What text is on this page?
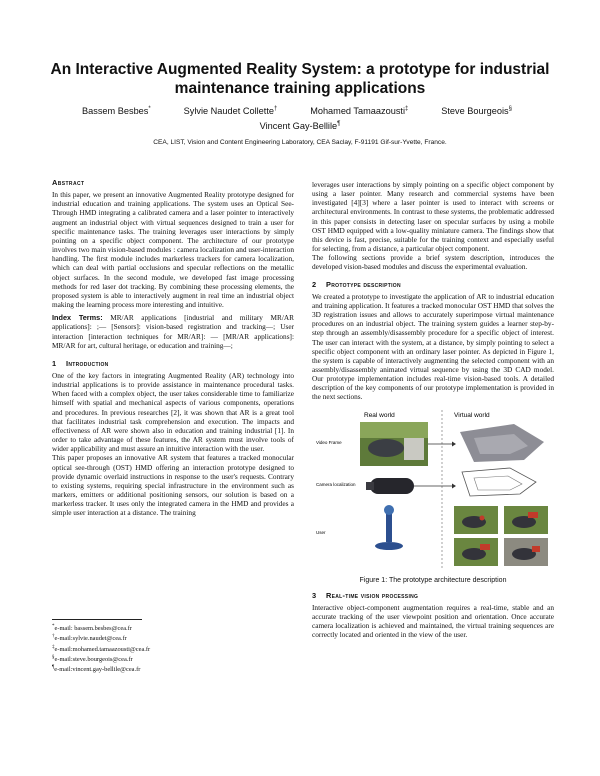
An Interactive Augmented Reality System: a prototype for industrial maintenance training applications
Bassem Besbes*	Sylvie Naudet Collette†	Mohamed Tamaazousti‡	Steve Bourgeois§
Vincent Gay-Bellile¶
CEA, LIST, Vision and Content Engineering Laboratory, CEA Saclay, F-91191 Gif-sur-Yvette, France.
Abstract

In this paper, we present an innovative Augmented Reality prototype designed for industrial education and training applications. The system uses an Optical See-Through HMD integrating a calibrated camera and a laser pointer to interactively augment an industrial object with virtual sequences designed to train a user for specific maintenance tasks. The training leverages user interactions by simply pointing on a specific object component. The architecture of our prototype involves two main vision-based modules : camera localization and user-interaction handling. The first module includes markerless trackers for camera localization, which can deal with partial occlusions and specular reflections on the metallic object surfaces. In the second module, we developed fast image processing methods for red laser dot tracking. By combining these processing elements, the proposed system is able to interactively augment in real time an industrial object making the learning process more interesting and intuitive.

Index Terms: MR/AR applications [industrial and military MR/AR applications]: ;— [Sensors]: vision-based registration and tracking—; User interaction [interaction techniques for MR/AR]: — [MR/AR applications]: MR/AR for art, cultural heritage, or education and training—;

1 Introduction

One of the key factors in integrating Augmented Reality (AR) technology into industrial applications is to provide assistance in maintenance procedural tasks. When faced with a complex object, the user takes considerable time to familiarize himself with spatial and mechanical aspects of various components, operations and procedures. In previous researches [2], it was shown that AR is a great tool that facilitates industrial task comprehension and execution. The impacts and effectiveness of AR were shown also in education and training industrial [1]. In order to take advantage of these features, the AR system must involve tools of wider applicability and must assure an intuitive interaction with the user.

This paper proposes an innovative AR system that features a tracked monocular optical see-through (OST) HMD offering an interaction prototype designed to provide dynamic overlaid instructions in response to the user's requests. Contrary to existing systems, requiring special infrastructure in the environment such as markers, emitters or additional positioning sensors, our solution is based on a markerless tracker. It uses only the integrated camera in the HMD and provides a simple user interaction at a distance. The training

*e-mail: bassem.besbes@cea.fr
†e-mail:sylvie.naudet@cea.fr
‡e-mail:mohamed.tamaazousti@cea.fr
§e-mail:steve.bourgeois@cea.fr
¶e-mail:vincent.gay-bellile@cea.fr

leverages user interactions by simply pointing on a specific object component by using a laser pointer. Many research and commercial systems have been investigated [4][3] where a laser pointer is used to interact with screens or architectural environments. In contrast to these systems, the problematic addressed in this paper consists in detecting laser on specular surfaces by using a mobile OST HMD equipped with a low-quality miniature camera. The findings show that this device is fast, precise, suitable for the training context and especially useful for selecting, from a distance, a particular object component.

The following sections provide a brief system description, introduces the developed vision-based modules and discuss the experimental evaluation.

2 Prototype description

We created a prototype to investigate the application of AR to industrial education and training application. It features a tracked monocular OST HMD that solves the 3D registration issues and allows to accurately superimpose virtual maintenance procedures on an industrial object. The training system guides a learner step-by-step through an assembly/disassembly procedure for a specific object of interest. The user can interact with the system, at a distance, by simply pointing to select a specific object component with an ordinary laser pointer. As depicted in Figure 1, the system is capable of interactively augmenting the selected component with an assembly/disassembly animated virtual sequence by using the 3D CAD model. Our prototype implementation includes real-time vision-based tools. A detailed description of the key components of our prototype implementation is provided in the next sections.

Real world	Virtual world
Video Frame
Camera localization
User
Figure 1: The prototype architecture description
3 Real-time vision processing

Interactive object-component augmentation requires a real-time, stable and an accurate tracking of the user viewpoint position and orientation. Once accurate camera localization is achieved and maintained, the virtual training sequences are correctly located and oriented in the view of the user.
